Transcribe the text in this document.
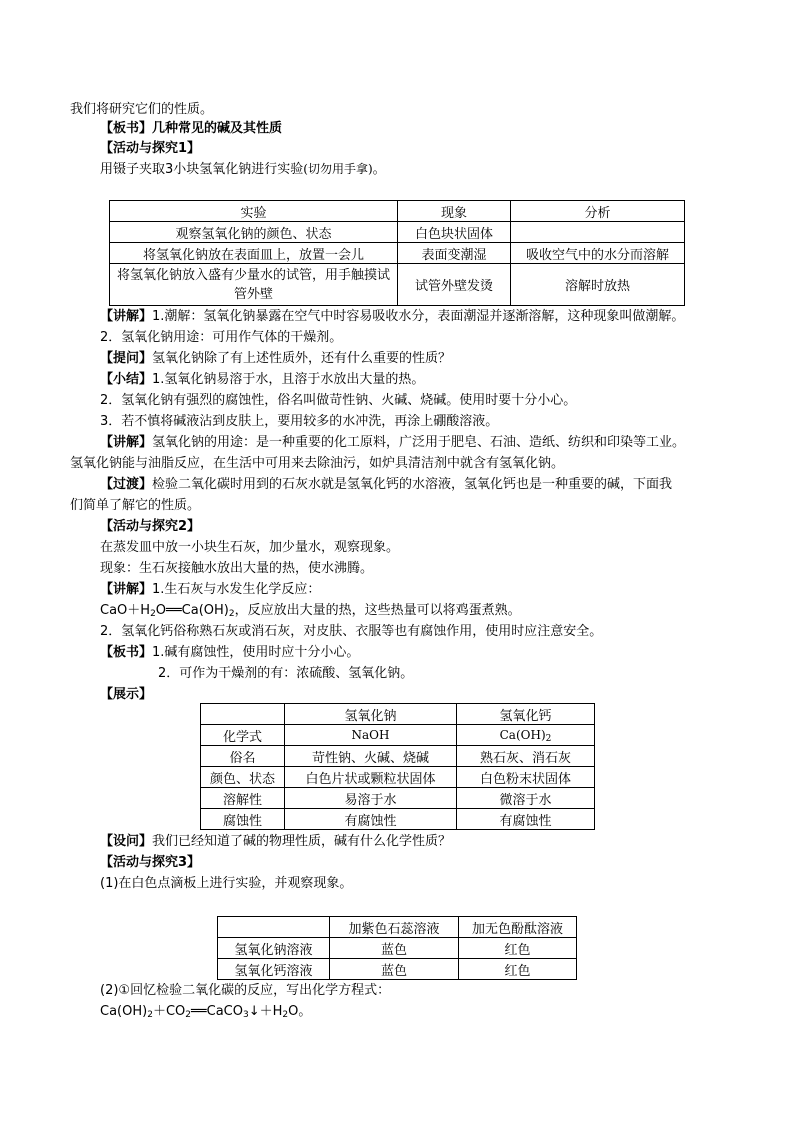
我们将研究它们的性质。
【板书】几种常见的碱及其性质
【活动与探究1】
用镊子夹取3小块氢氧化钠进行实验(切勿用手拿)。
实验	现象	分析
观察氢氧化钠的颜色、状态	白色块状固体	
将氢氧化钠放在表面皿上，放置一会儿	表面变潮湿	吸收空气中的水分而溶解
将氢氧化钠放入盛有少量水的试管，用手触摸试管外壁	试管外壁发烫	溶解时放热
【讲解】1.潮解：氢氧化钠暴露在空气中时容易吸收水分，表面潮湿并逐渐溶解，这种现象叫做潮解。
2．氢氧化钠用途：可用作气体的干燥剂。
【提问】氢氧化钠除了有上述性质外，还有什么重要的性质？
【小结】1.氢氧化钠易溶于水，且溶于水放出大量的热。
2．氢氧化钠有强烈的腐蚀性，俗名叫做苛性钠、火碱、烧碱。使用时要十分小心。
3．若不慎将碱液沾到皮肤上，要用较多的水冲洗，再涂上硼酸溶液。
【讲解】氢氧化钠的用途：是一种重要的化工原料，广泛用于肥皂、石油、造纸、纺织和印染等工业。
氢氧化钠能与油脂反应，在生活中可用来去除油污，如炉具清洁剂中就含有氢氧化钠。
【过渡】检验二氧化碳时用到的石灰水就是氢氧化钙的水溶液，氢氧化钙也是一种重要的碱，下面我
们简单了解它的性质。
【活动与探究2】
在蒸发皿中放一小块生石灰，加少量水，观察现象。
现象：生石灰接触水放出大量的热，使水沸腾。
【讲解】1.生石灰与水发生化学反应：
$CaO+H_2O══Ca(OH)_2$，反应放出大量的热，这些热量可以将鸡蛋煮熟。
2．氢氧化钙俗称熟石灰或消石灰，对皮肤、衣服等也有腐蚀作用，使用时应注意安全。
【板书】1.碱有腐蚀性，使用时应十分小心。
2．可作为干燥剂的有：浓硫酸、氢氧化钠。
【展示】
	氢氧化钠	氢氧化钙
化学式	NaOH	$Ca(OH)_2$
俗名	苛性钠、火碱、烧碱	熟石灰、消石灰
颜色、状态	白色片状或颗粒状固体	白色粉末状固体
溶解性	易溶于水	微溶于水
腐蚀性	有腐蚀性	有腐蚀性
【设问】我们已经知道了碱的物理性质，碱有什么化学性质？
【活动与探究3】
(1)在白色点滴板上进行实验，并观察现象。
	加紫色石蕊溶液	加无色酚酞溶液
氢氧化钠溶液	蓝色	红色
氢氧化钙溶液	蓝色	红色
(2)①回忆检验二氧化碳的反应，写出化学方程式：
$Ca(OH)_2+CO_2══CaCO_3↓+H_2O$。
